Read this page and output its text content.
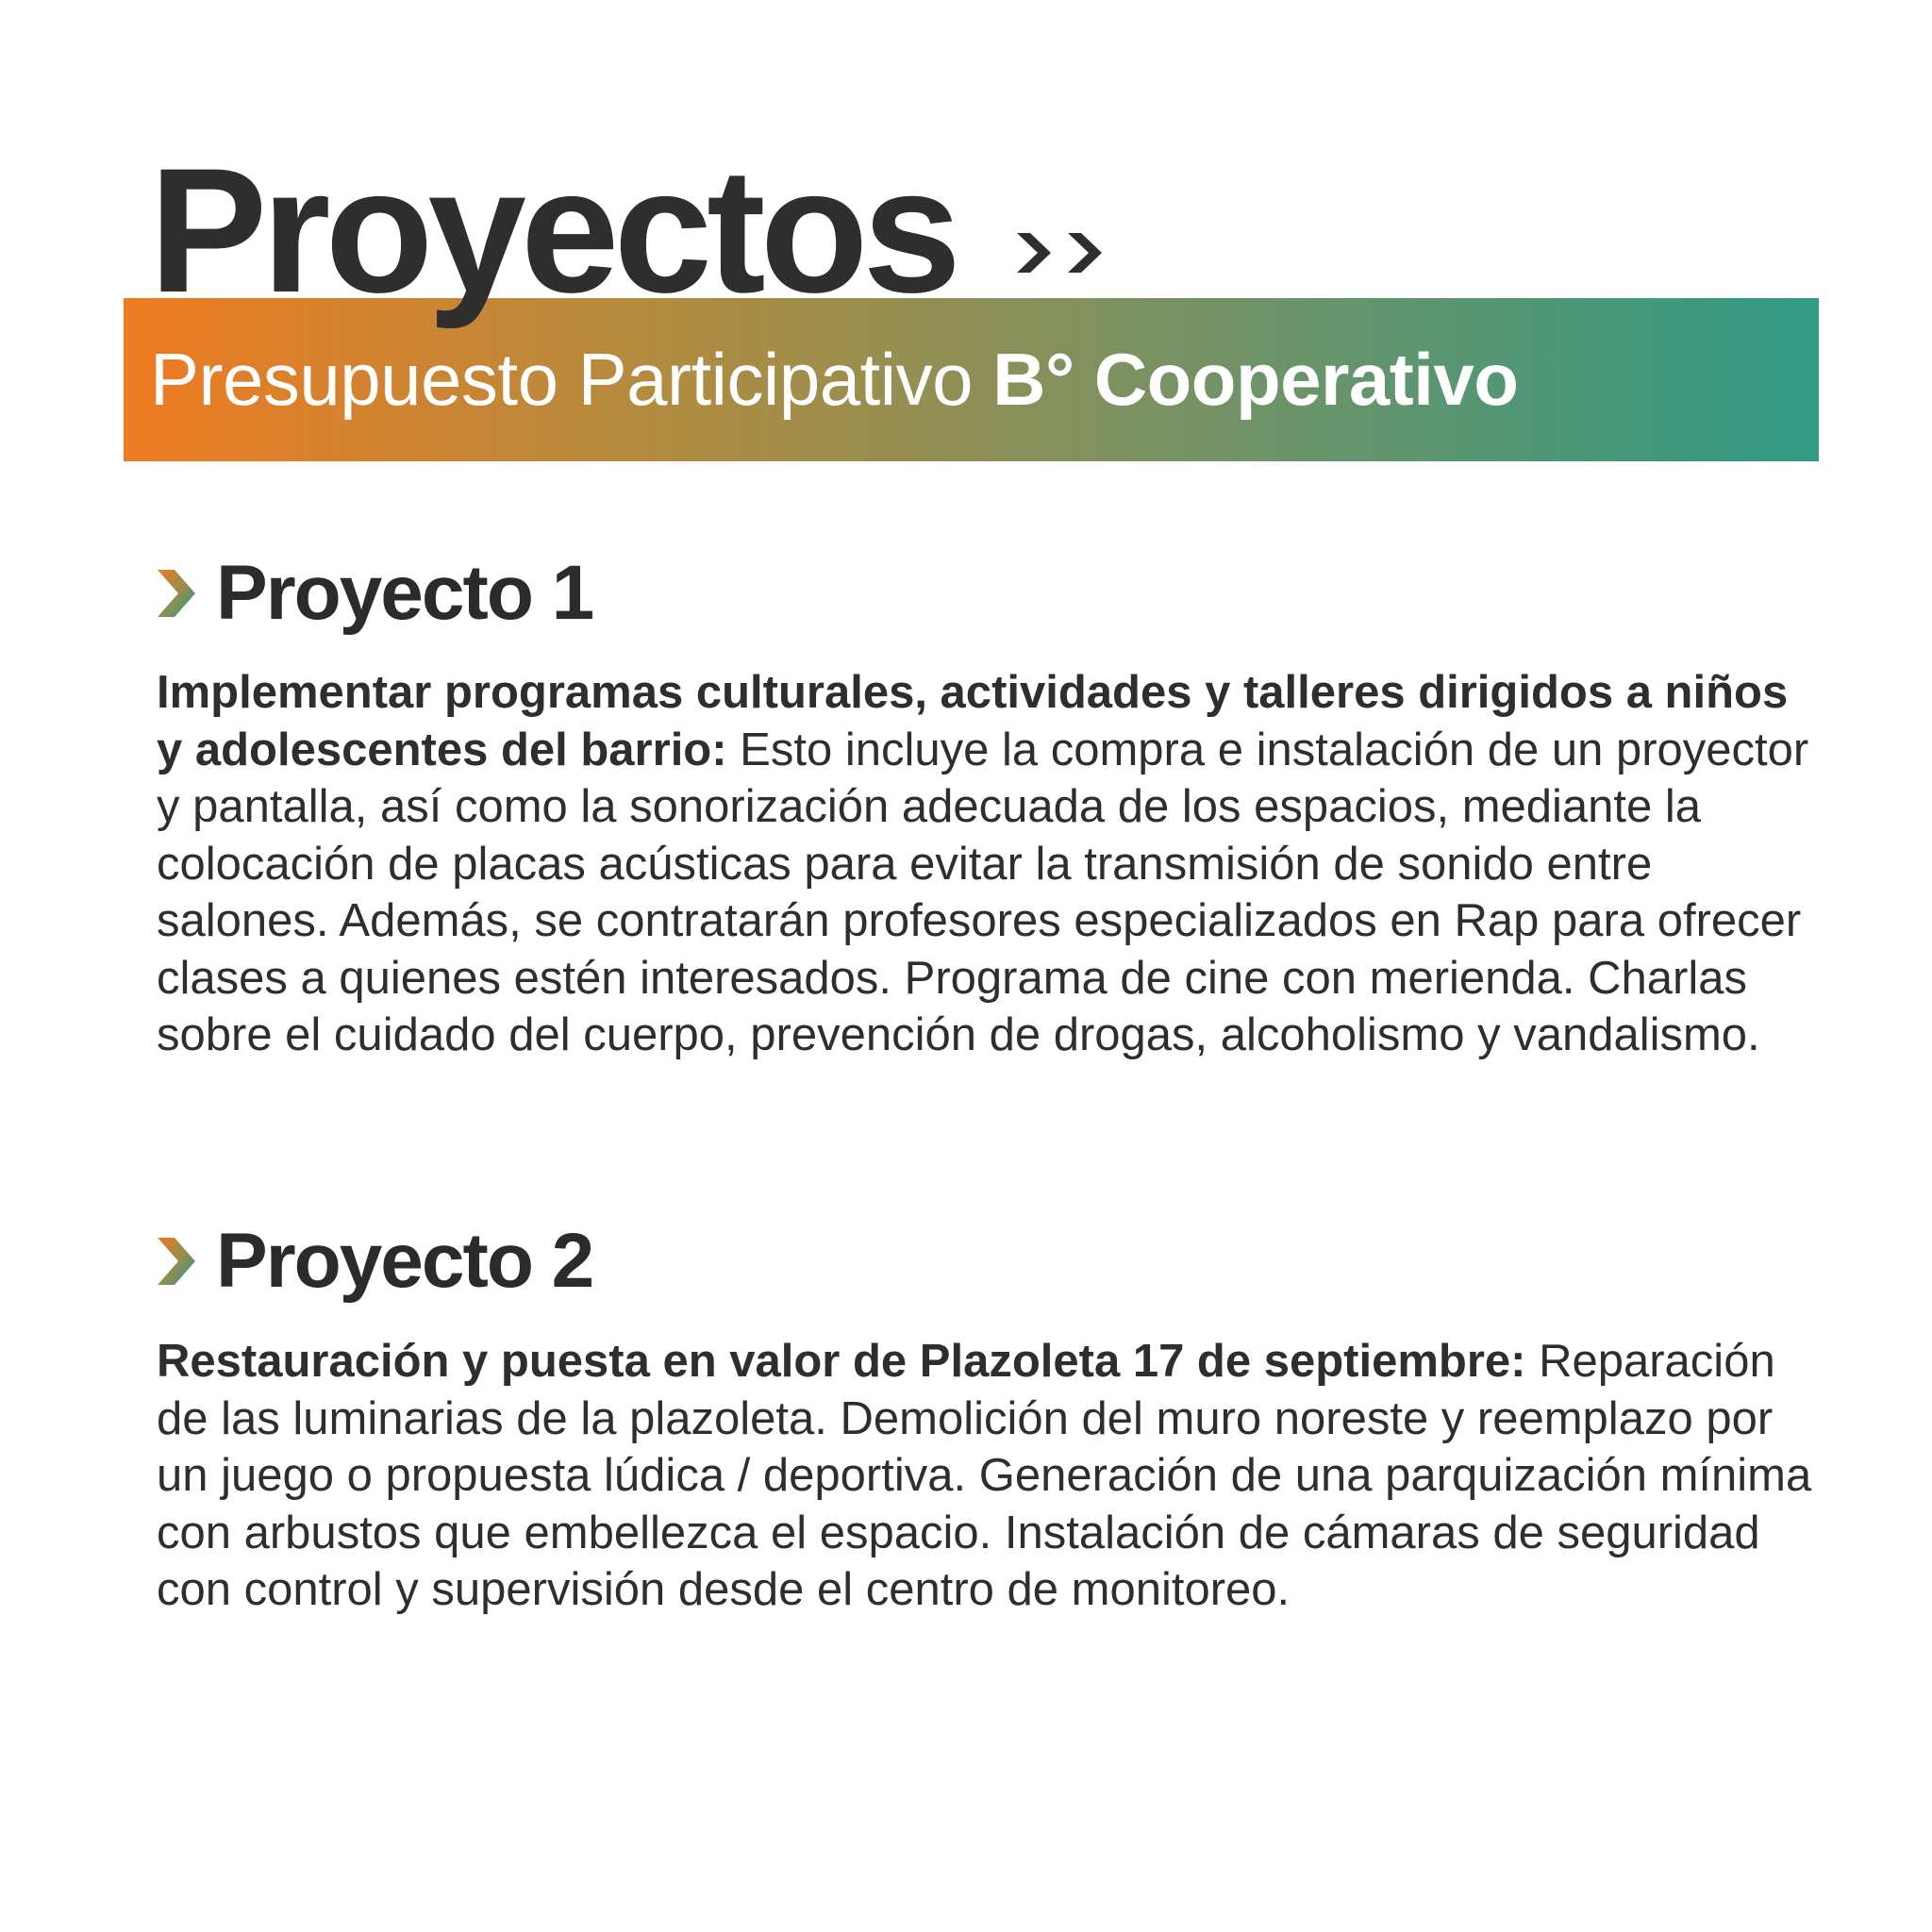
Proyectos

Presupuesto Participativo B° Cooperativo

Proyecto 1

Implementar programas culturales, actividades y talleres dirigidos a niños y adolescentes del barrio: Esto incluye la compra e instalación de un proyector y pantalla, así como la sonorización adecuada de los espacios, mediante la colocación de placas acústicas para evitar la transmisión de sonido entre salones. Además, se contratarán profesores especializados en Rap para ofrecer clases a quienes estén interesados. Programa de cine con merienda. Charlas sobre el cuidado del cuerpo, prevención de drogas, alcoholismo y vandalismo.

Proyecto 2

Restauración y puesta en valor de Plazoleta 17 de septiembre: Reparación de las luminarias de la plazoleta. Demolición del muro noreste y reemplazo por un juego o propuesta lúdica / deportiva. Generación de una parquización mínima con arbustos que embellezca el espacio. Instalación de cámaras de seguridad con control y supervisión desde el centro de monitoreo.
